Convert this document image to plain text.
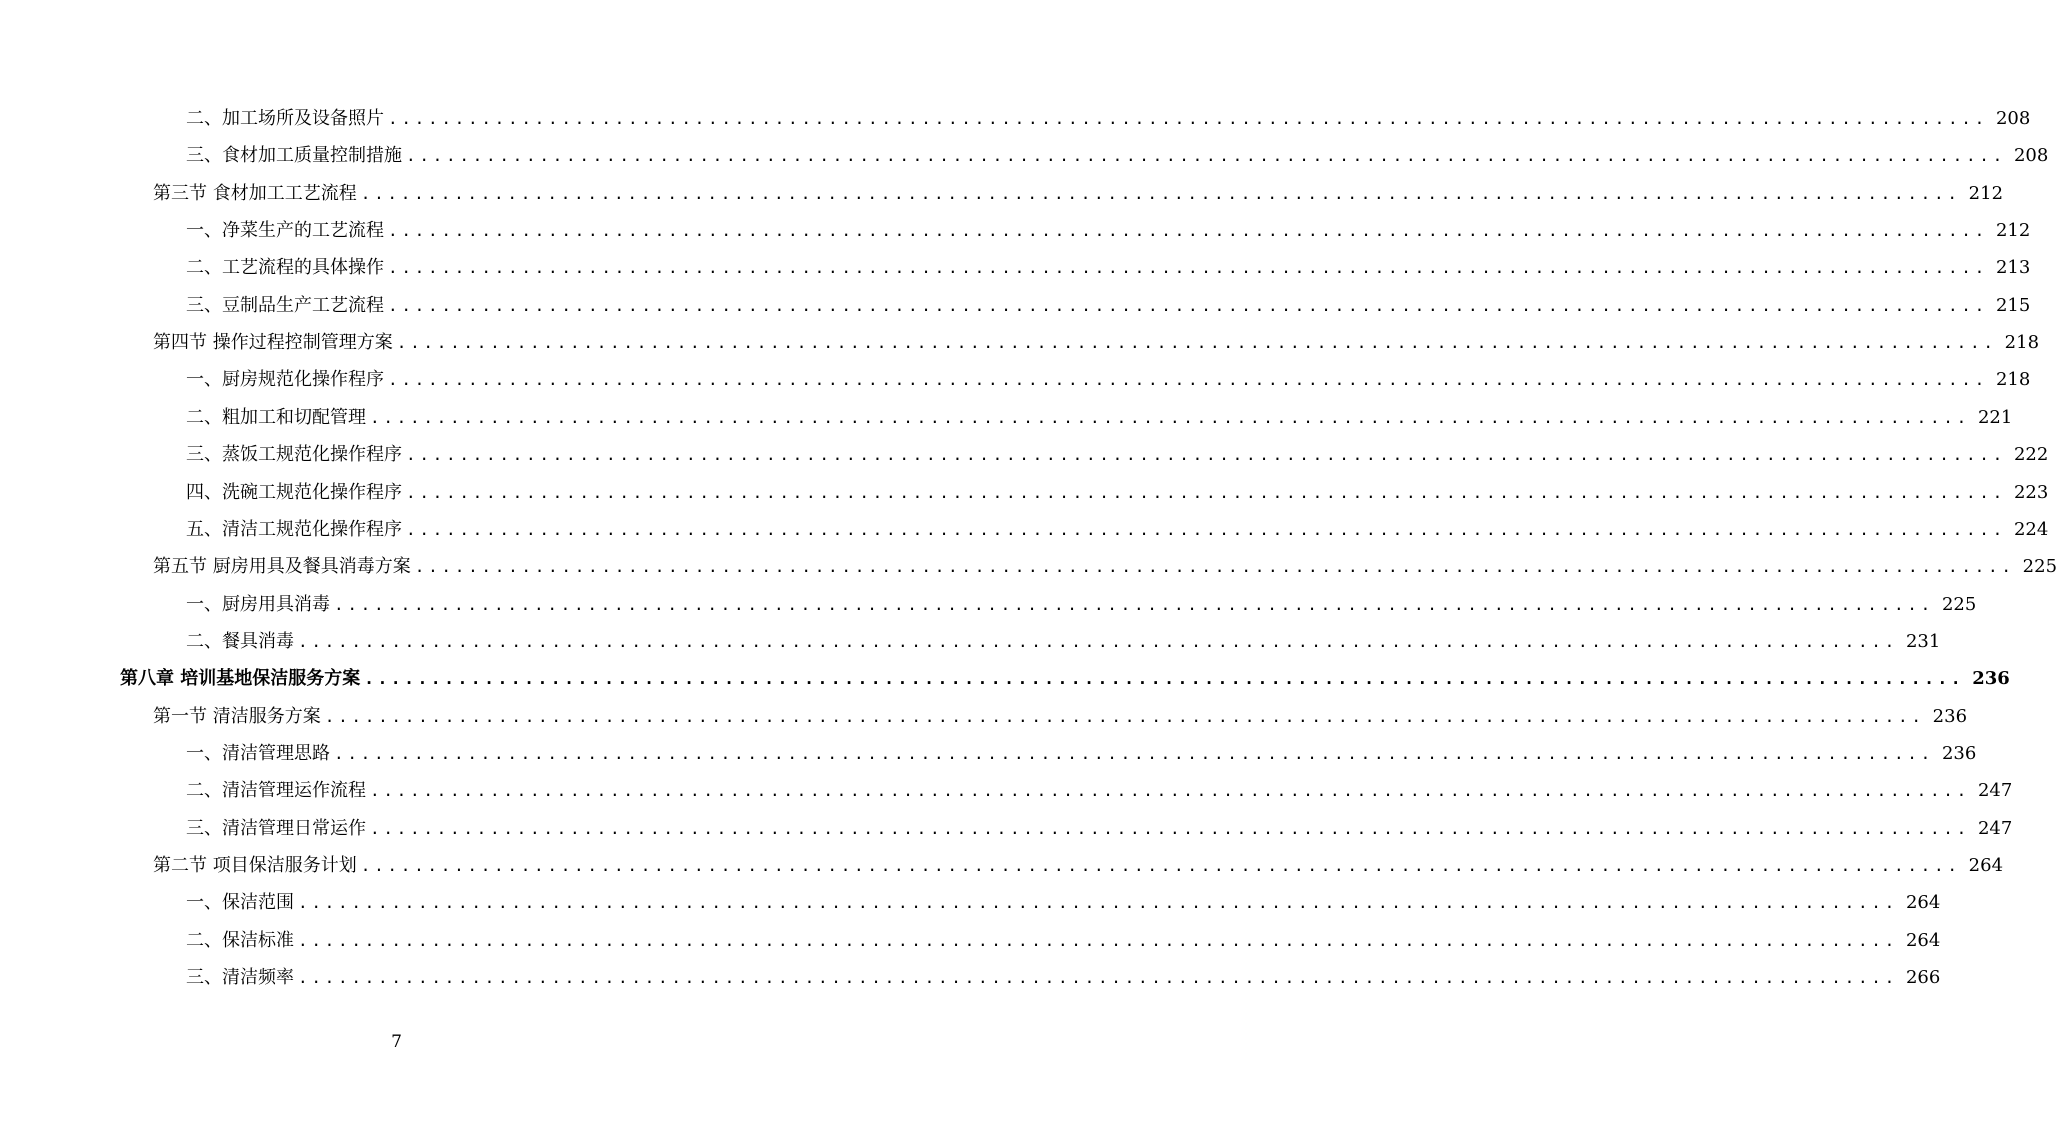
二、加工场所及设备照片 ........................................................................................................................ 208
三、食材加工质量控制措施 ........................................................................................................................ 208
第三节 食材加工工艺流程 ........................................................................................................................ 212
一、净菜生产的工艺流程 ........................................................................................................................ 212
二、工艺流程的具体操作 ........................................................................................................................ 213
三、豆制品生产工艺流程 ........................................................................................................................ 215
第四节 操作过程控制管理方案 ........................................................................................................................ 218
一、厨房规范化操作程序 ........................................................................................................................ 218
二、粗加工和切配管理 ........................................................................................................................ 221
三、蒸饭工规范化操作程序 ........................................................................................................................ 222
四、洗碗工规范化操作程序 ........................................................................................................................ 223
五、清洁工规范化操作程序 ........................................................................................................................ 224
第五节 厨房用具及餐具消毒方案 ........................................................................................................................ 225
一、厨房用具消毒 ........................................................................................................................ 225
二、餐具消毒 ........................................................................................................................ 231
第八章 培训基地保洁服务方案 ........................................................................................................................ 236
第一节 清洁服务方案 ........................................................................................................................ 236
一、清洁管理思路 ........................................................................................................................ 236
二、清洁管理运作流程 ........................................................................................................................ 247
三、清洁管理日常运作 ........................................................................................................................ 247
第二节 项目保洁服务计划 ........................................................................................................................ 264
一、保洁范围 ........................................................................................................................ 264
二、保洁标准 ........................................................................................................................ 264
三、清洁频率 ........................................................................................................................ 266
7
